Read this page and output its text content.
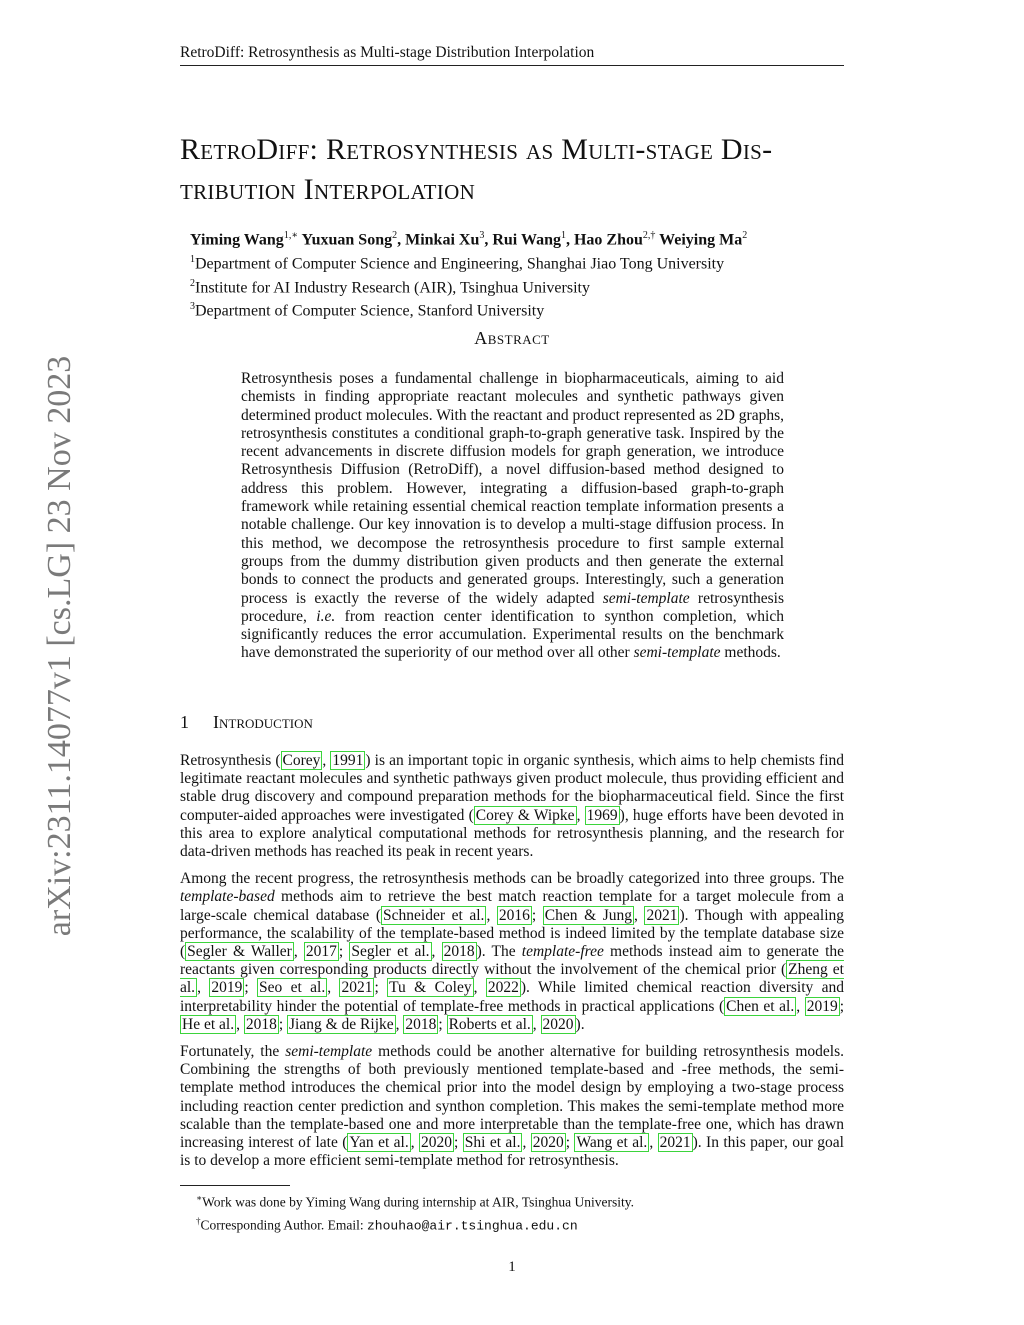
RetroDiff: Retrosynthesis as Multi-stage Distribution Interpolation
RetroDiff: Retrosynthesis as Multi-stage Dis-
tribution Interpolation
Yiming Wang$^{1,∗}$ Yuxuan Song$^2$, Minkai Xu$^3$, Rui Wang$^1$, Hao Zhou$^{2,\dagger}$ Weiying Ma$^2$
$^1$Department of Computer Science and Engineering, Shanghai Jiao Tong University
$^2$Institute for AI Industry Research (AIR), Tsinghua University
$^3$Department of Computer Science, Stanford University
Abstract
Retrosynthesis poses a fundamental challenge in biopharmaceuticals, aiming to aid chemists in finding appropriate reactant molecules and synthetic pathways given determined product molecules. With the reactant and product represented as 2D graphs, retrosynthesis constitutes a conditional graph-to-graph generative task. Inspired by the recent advancements in discrete diffusion models for graph generation, we introduce Retrosynthesis Diffusion (RetroDiff), a novel diffusion-based method designed to address this problem. However, integrating a diffusion-based graph-to-graph framework while retaining essential chemical reaction template information presents a notable challenge. Our key innovation is to develop a multi-stage diffusion process. In this method, we decompose the retrosynthesis procedure to first sample external groups from the dummy distribution given products and then generate the external bonds to connect the products and generated groups. Interestingly, such a generation process is exactly the reverse of the widely adapted semi-template retrosynthesis procedure, i.e. from reaction center identification to synthon completion, which significantly reduces the error accumulation. Experimental results on the benchmark have demonstrated the superiority of our method over all other semi-template methods.
1 Introduction

Retrosynthesis ( Corey , 1991 ) is an important topic in organic synthesis, which aims to help chemists find legitimate reactant molecules and synthetic pathways given product molecule, thus providing efficient and stable drug discovery and compound preparation methods for the biopharmaceutical field. Since the first computer-aided approaches were investigated ( Corey & Wipke , 1969 ), huge efforts have been devoted in this area to explore analytical computational methods for retrosynthesis planning, and the research for data-driven methods has reached its peak in recent years.

Among the recent progress, the retrosynthesis methods can be broadly categorized into three groups. The template-based methods aim to retrieve the best match reaction template for a target molecule from a large-scale chemical database ( Schneider et al. , 2016 ; Chen & Jung , 2021 ). Though with appealing performance, the scalability of the template-based method is indeed limited by the template database size ( Segler & Waller , 2017 ; Segler et al. , 2018 ). The template-free methods instead aim to generate the reactants given corresponding products directly without the involvement of the chemical prior ( Zheng et al. , 2019 ; Seo et al. , 2021 ; Tu & Coley , 2022 ). While limited chemical reaction diversity and interpretability hinder the potential of template-free methods in practical applications ( Chen et al. , 2019 ; He et al. , 2018 ; Jiang & de Rijke , 2018 ; Roberts et al. , 2020 ).

Fortunately, the semi-template methods could be another alternative for building retrosynthesis models. Combining the strengths of both previously mentioned template-based and -free methods, the semi-template method introduces the chemical prior into the model design by employing a two-stage process including reaction center prediction and synthon completion. This makes the semi-template method more scalable than the template-based one and more interpretable than the template-free one, which has drawn increasing interest of late ( Yan et al. , 2020 ; Shi et al. , 2020 ; Wang et al. , 2021 ). In this paper, our goal is to develop a more efficient semi-template method for retrosynthesis.

∗Work was done by Yiming Wang during internship at AIR, Tsinghua University.
†Corresponding Author. Email: zhouhao@air.tsinghua.edu.cn
1
arXiv:2311.14077v1 [cs.LG] 23 Nov 2023
